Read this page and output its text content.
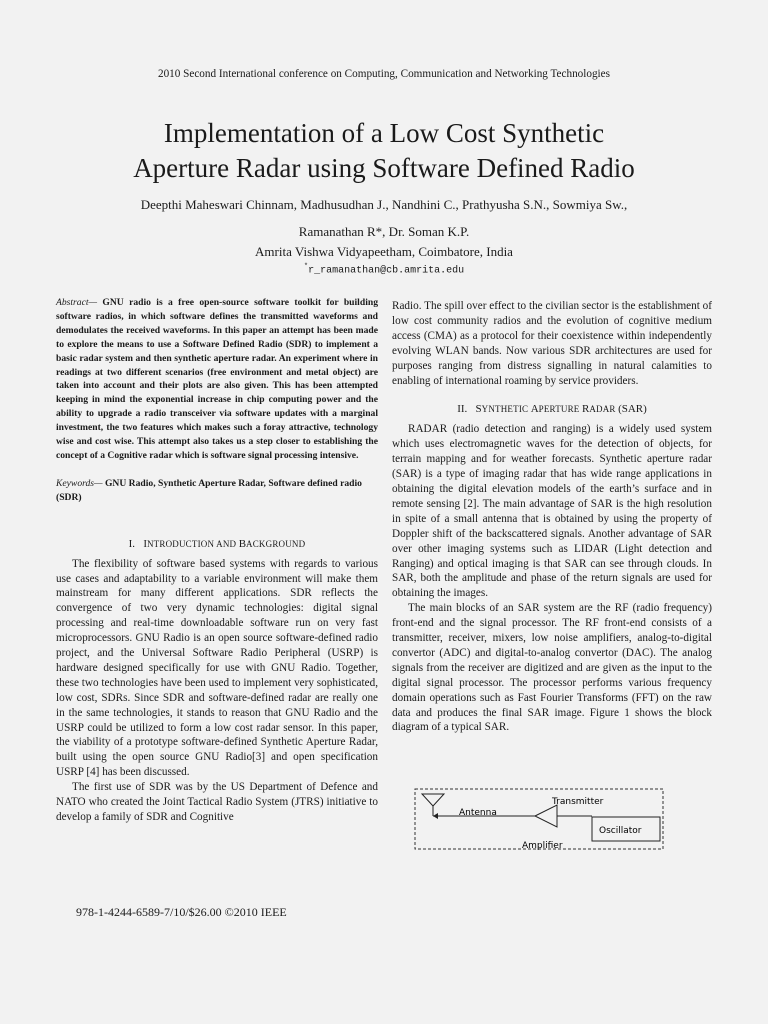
2010 Second International conference on Computing, Communication and Networking Technologies
Implementation of a Low Cost Synthetic
Aperture Radar using Software Defined Radio
Deepthi Maheswari Chinnam, Madhusudhan J., Nandhini C., Prathyusha S.N., Sowmiya Sw.,
Ramanathan R*, Dr. Soman K.P.
Amrita Vishwa Vidyapeetham, Coimbatore, India
*r_ramanathan@cb.amrita.edu

Abstract— GNU radio is a free open-source software toolkit for building software radios, in which software defines the transmitted waveforms and demodulates the received waveforms. In this paper an attempt has been made to explore the means to use a Software Defined Radio (SDR) to implement a basic radar system and then synthetic aperture radar. An experiment where in readings at two different scenarios (free environment and metal object) are taken into account and their plots are also given. This has been attempted keeping in mind the exponential increase in chip computing power and the ability to upgrade a radio transceiver via software updates with a marginal investment, the two features which makes such a foray attractive, technology wise and cost wise. This attempt also takes us a step closer to establishing the concept of a Cognitive radar which is software signal processing intensive.

Keywords— GNU Radio, Synthetic Aperture Radar, Software defined radio (SDR)

I. INTRODUCTION AND BACKGROUND

The flexibility of software based systems with regards to various use cases and adaptability to a variable environment will make them mainstream for many different applications. SDR reflects the convergence of two very dynamic technologies: digital signal processing and real-time downloadable software run on very fast microprocessors. GNU Radio is an open source software-defined radio project, and the Universal Software Radio Peripheral (USRP) is hardware designed specifically for use with GNU Radio. Together, these two technologies have been used to implement very sophisticated, low cost, SDRs. Since SDR and software-defined radar are really one in the same technologies, it stands to reason that GNU Radio and the USRP could be utilized to form a low cost radar sensor. In this paper, the viability of a prototype software-defined Synthetic Aperture Radar, built using the open source GNU Radio[3] and open specification USRP [4] has been discussed.

The first use of SDR was by the US Department of Defence and NATO who created the Joint Tactical Radio System (JTRS) initiative to develop a family of SDR and Cognitive

Radio. The spill over effect to the civilian sector is the establishment of low cost community radios and the evolution of cognitive medium access (CMA) as a protocol for their coexistence within independently evolving WLAN bands. Now various SDR architectures are used for purposes ranging from distress signalling in natural calamities to enabling of international roaming by service providers.

II. SYNTHETIC APERTURE RADAR (SAR)

RADAR (radio detection and ranging) is a widely used system which uses electromagnetic waves for the detection of objects, for terrain mapping and for weather forecasts. Synthetic aperture radar (SAR) is a type of imaging radar that has wide range applications in obtaining the digital elevation models of the earth’s surface and in remote sensing [2]. The main advantage of SAR is the high resolution in spite of a small antenna that is obtained by using the property of Doppler shift of the backscattered signals. Another advantage of SAR over other imaging systems such as LIDAR (Light detection and Ranging) and optical imaging is that SAR can see through clouds. In SAR, both the amplitude and phase of the return signals are used for obtaining the images.

The main blocks of an SAR system are the RF (radio frequency) front-end and the signal processor. The RF front-end consists of a transmitter, receiver, mixers, low noise amplifiers, analog-to-digital convertor (ADC) and digital-to-analog convertor (DAC). The analog signals from the receiver are digitized and are given as the input to the digital signal processor. The processor performs various frequency domain operations such as Fast Fourier Transforms (FFT) on the raw data and produces the final SAR image. Figure 1 shows the block diagram of a typical SAR.

Transmitter
Antenna
Oscillator
Amplifier
978-1-4244-6589-7/10/$26.00 ©2010 IEEE
